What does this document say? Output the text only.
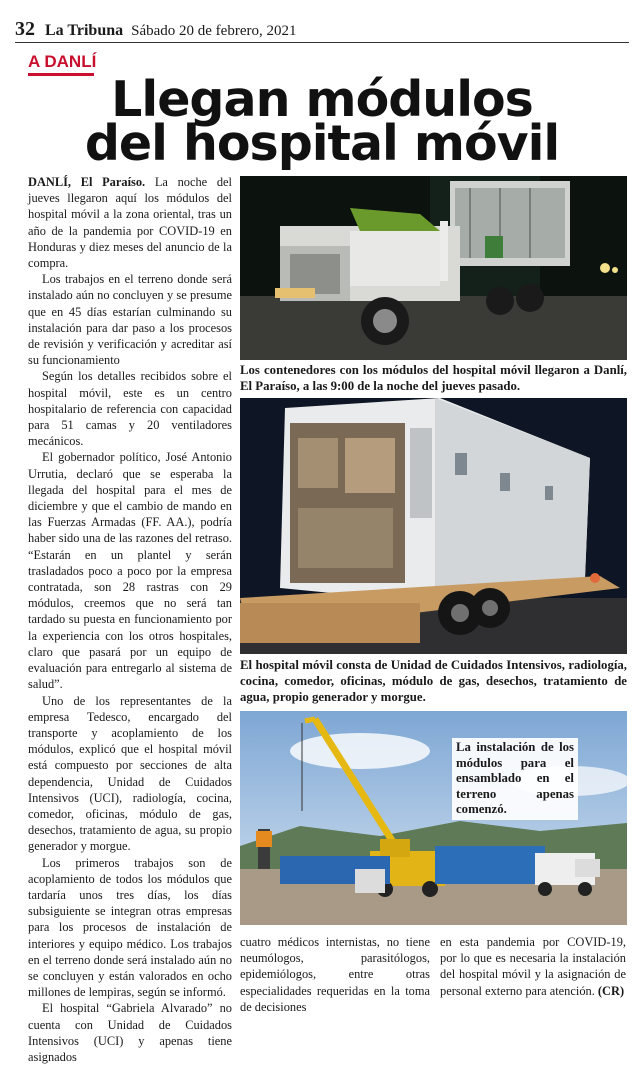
32 La Tribuna Sábado 20 de febrero, 2021
A DANLÍ
Llegan módulos
del hospital móvil

DANLÍ, El Paraíso. La noche del jueves llegaron aquí los módulos del hospital móvil a la zona oriental, tras un año de la pandemia por COVID-19 en Honduras y diez meses del anuncio de la compra.

Los trabajos en el terreno donde será instalado aún no concluyen y se presume que en 45 días estarían culminando su instalación para dar paso a los procesos de revisión y verificación y acreditar así su funcionamiento

Según los detalles recibidos sobre el hospital móvil, este es un centro hospitalario de referencia con capacidad para 51 camas y 20 ventiladores mecánicos.

El gobernador político, José Antonio Urrutia, declaró que se esperaba la llegada del hospital para el mes de diciembre y que el cambio de mando en las Fuerzas Armadas (FF. AA.), podría haber sido una de las razones del retraso. “Estarán en un plantel y serán trasladados poco a poco por la empresa contratada, son 28 rastras con 29 módulos, creemos que no será tan tardado su puesta en funcionamiento por la experiencia con los otros hospitales, claro que pasará por un equipo de evaluación para entregarlo al sistema de salud”.

Uno de los representantes de la empresa Tedesco, encargado del transporte y acoplamiento de los módulos, explicó que el hospital móvil está compuesto por secciones de alta dependencia, Unidad de Cuidados Intensivos (UCI), radiología, cocina, comedor, oficinas, módulo de gas, desechos, tratamiento de agua, su propio generador y morgue.

Los primeros trabajos son de acoplamiento de todos los módulos que tardaría unos tres días, los días subsiguiente se integran otras empresas para los procesos de instalación de interiores y equipo médico. Los trabajos en el terreno donde será instalado aún no se concluyen y están valorados en ocho millones de lempiras, según se informó.

El hospital “Gabriela Alvarado” no cuenta con Unidad de Cuidados Intensivos (UCI) y apenas tiene asignados

Los contenedores con los módulos del hospital móvil llegaron a Danlí, El Paraíso, a las 9:00 de la noche del jueves pasado.
El hospital móvil consta de Unidad de Cuidados Intensivos, radiología, cocina, comedor, oficinas, módulo de gas, desechos, tratamiento de agua, propio generador y morgue.
La instalación de los módulos para el ensamblado en el terreno apenas comenzó.

cuatro médicos internistas, no tiene neumólogos, parasitólogos, epidemiólogos, entre otras especialidades requeridas en la toma de decisiones

en esta pandemia por COVID-19, por lo que es necesaria la instalación del hospital móvil y la asignación de personal externo para atención. (CR)
